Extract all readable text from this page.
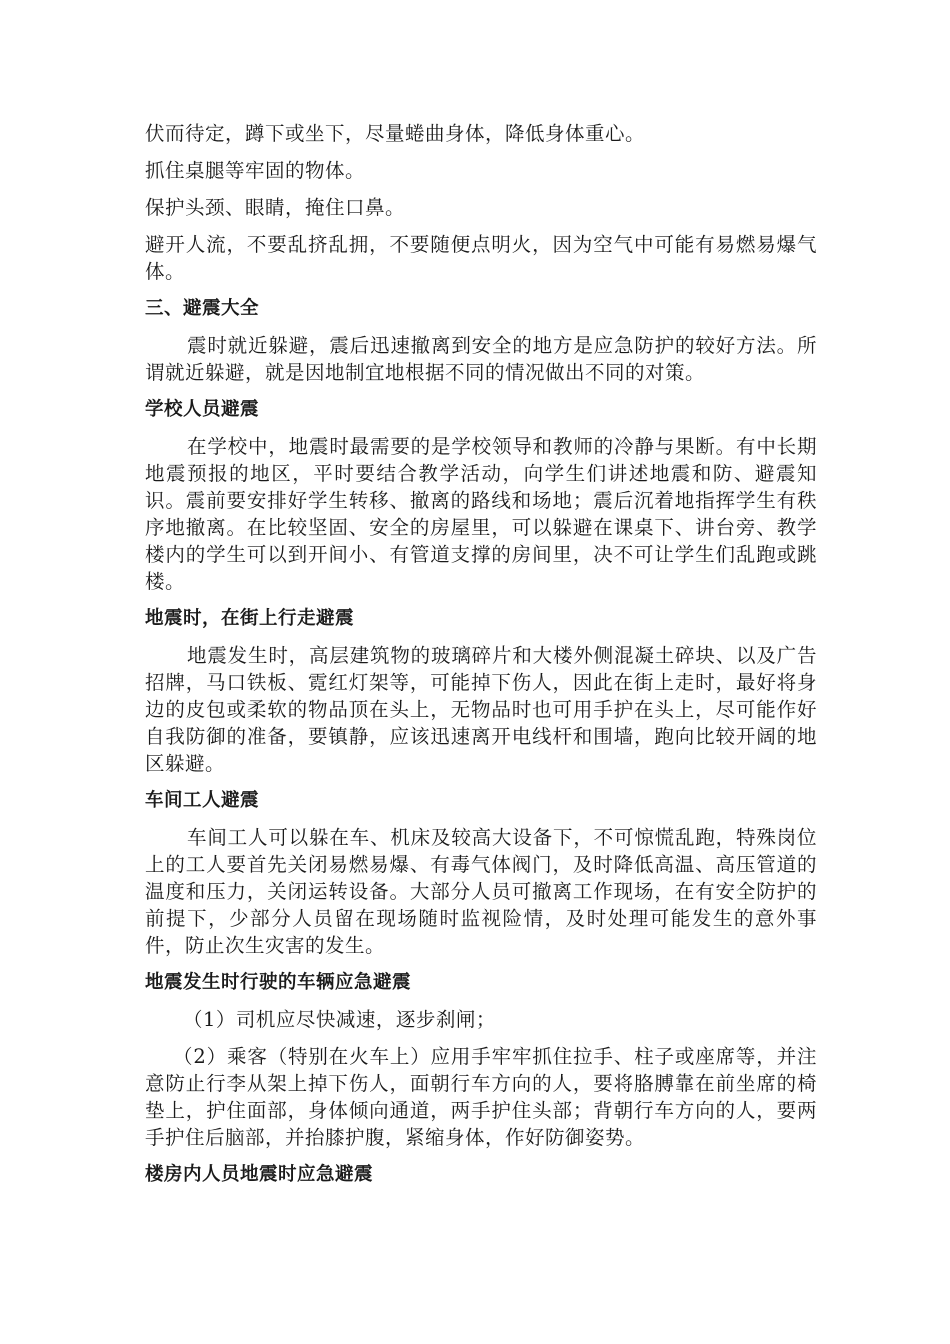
伏而待定，蹲下或坐下，尽量蜷曲身体，降低身体重心。

抓住桌腿等牢固的物体。

保护头颈、眼睛，掩住口鼻。

避开人流，不要乱挤乱拥，不要随便点明火，因为空气中可能有易燃易爆气体。

三、避震大全

震时就近躲避，震后迅速撤离到安全的地方是应急防护的较好方法。所谓就近躲避，就是因地制宜地根据不同的情况做出不同的对策。

学校人员避震

在学校中，地震时最需要的是学校领导和教师的冷静与果断。有中长期地震预报的地区，平时要结合教学活动，向学生们讲述地震和防、避震知识。震前要安排好学生转移、撤离的路线和场地；震后沉着地指挥学生有秩序地撤离。在比较坚固、安全的房屋里，可以躲避在课桌下、讲台旁、教学楼内的学生可以到开间小、有管道支撑的房间里，决不可让学生们乱跑或跳楼。

地震时，在街上行走避震

地震发生时，高层建筑物的玻璃碎片和大楼外侧混凝土碎块、以及广告招牌，马口铁板、霓红灯架等，可能掉下伤人，因此在街上走时，最好将身边的皮包或柔软的物品顶在头上，无物品时也可用手护在头上，尽可能作好自我防御的准备，要镇静，应该迅速离开电线杆和围墙，跑向比较开阔的地区躲避。

车间工人避震

车间工人可以躲在车、机床及较高大设备下，不可惊慌乱跑，特殊岗位上的工人要首先关闭易燃易爆、有毒气体阀门，及时降低高温、高压管道的温度和压力，关闭运转设备。大部分人员可撤离工作现场，在有安全防护的前提下，少部分人员留在现场随时监视险情，及时处理可能发生的意外事件，防止次生灾害的发生。

地震发生时行驶的车辆应急避震

（1）司机应尽快减速，逐步刹闸；

（2）乘客（特别在火车上）应用手牢牢抓住拉手、柱子或座席等，并注意防止行李从架上掉下伤人，面朝行车方向的人，要将胳膊靠在前坐席的椅垫上，护住面部，身体倾向通道，两手护住头部；背朝行车方向的人，要两手护住后脑部，并抬膝护腹，紧缩身体，作好防御姿势。

楼房内人员地震时应急避震
